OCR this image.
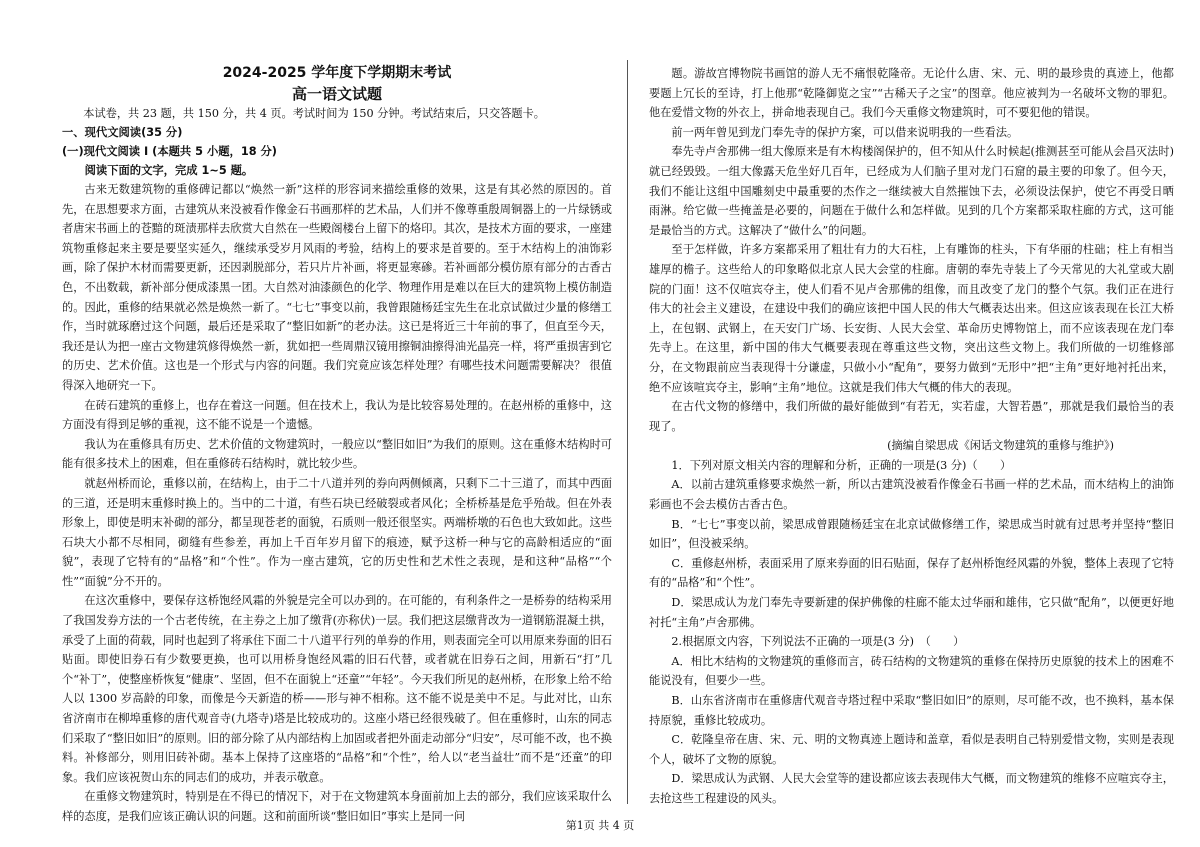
2024-2025 学年度下学期期末考试
高一语文试题
本试卷，共 23 题，共 150 分，共 4 页。考试时间为 150 分钟。考试结束后，只交答题卡。
一、现代文阅读(35 分)
(一)现代文阅读 I (本题共 5 小题，18 分)
阅读下面的文字，完成 1~5 题。

古来无数建筑物的重修碑记都以“焕然一新”这样的形容词来描绘重修的效果，这是有其必然的原因的。首先，在思想要求方面，古建筑从来没被看作像金石书画那样的艺术品，人们并不像尊重殷周铜器上的一片绿锈或者唐宋书画上的苍黯的斑渍那样去欣赏大自然在一些殿阁楼台上留下的烙印。其次，是技术方面的要求，一座建筑物重修起来主要是要坚实延久，继续承受岁月风雨的考验，结构上的要求是首要的。至于木结构上的油饰彩画，除了保护木材而需要更新，还因剥脱部分，若只片片补画，将更显寒碜。若补画部分模仿原有部分的古香古色，不出数载，新补部分便成漆黑一团。大自然对油漆颜色的化学、物理作用是难以在巨大的建筑物上模仿制造的。因此，重修的结果就必然是焕然一新了。“七七”事变以前，我曾跟随杨廷宝先生在北京试做过少量的修缮工作，当时就琢磨过这个问题，最后还是采取了“整旧如新”的老办法。这已是将近三十年前的事了，但直至今天，我还是认为把一座古文物建筑修得焕然一新，犹如把一些周鼎汉镜用擦铜油擦得油光晶亮一样，将严重损害到它的历史、艺术价值。这也是一个形式与内容的问题。我们究竟应该怎样处理？有哪些技术问题需要解决？ 很值得深入地研究一下。

在砖石建筑的重修上，也存在着这一问题。但在技术上，我认为是比较容易处理的。在赵州桥的重修中，这方面没有得到足够的重视，这不能不说是一个遗憾。

我认为在重修具有历史、艺术价值的文物建筑时，一般应以“整旧如旧”为我们的原则。这在重修木结构时可能有很多技术上的困难，但在重修砖石结构时，就比较少些。

就赵州桥而论，重修以前，在结构上，由于二十八道并列的券向两侧倾离，只剩下二十三道了，而其中西面的三道，还是明末重修时换上的。当中的二十道，有些石块已经破裂或者风化；全桥桥基是危乎殆哉。但在外表形象上，即使是明末补砌的部分，都呈现苍老的面貌，石质则一般还很坚实。两端桥墩的石色也大致如此。这些石块大小都不尽相同，砌缝有些参差，再加上千百年岁月留下的痕迹，赋予这桥一种与它的高龄相适应的“面貌”，表现了它特有的“品格”和“个性”。作为一座古建筑，它的历史性和艺术性之表现，是和这种“品格”“个性”“面貌”分不开的。

在这次重修中，要保存这桥饱经风霜的外貌是完全可以办到的。在可能的，有利条件之一是桥券的结构采用了我国发券方法的一个古老传统，在主券之上加了缴背(亦称伏)一层。我们把这层缴背改为一道钢筋混凝土拱，承受了上面的荷载，同时也起到了将承住下面二十八道平行列的单券的作用，则表面完全可以用原来券面的旧石贴面。即使旧券石有少数要更换，也可以用桥身饱经风霜的旧石代替，或者就在旧券石之间，用新石“打”几个“补丁”，使整座桥恢复“健康”、坚固，但不在面貌上“还童”“年轻”。今天我们所见的赵州桥，在形象上给不给人以 1300 岁高龄的印象，而像是今天新造的桥——形与神不相称。这不能不说是美中不足。与此对比，山东省济南市在柳埠重修的唐代观音寺(九塔寺)塔是比较成功的。这座小塔已经很残破了。但在重修时，山东的同志们采取了“整旧如旧”的原则。旧的部分除了从内部结构上加固或者把外面走动部分“归安”，尽可能不改，也不换料。补修部分，则用旧砖补砌。基本上保持了这座塔的“品格”和“个性”，给人以“老当益壮”而不是“还童”的印象。我们应该祝贺山东的同志们的成功，并表示敬意。

在重修文物建筑时，特别是在不得已的情况下，对于在文物建筑本身面前加上去的部分，我们应该采取什么样的态度，是我们应该正确认识的问题。这和前面所谈“整旧如旧”事实上是同一问

题。游故宫博物院书画馆的游人无不痛恨乾隆帝。无论什么唐、宋、元、明的最珍贵的真迹上，他都要题上冗长的至诗，打上他那“乾隆御览之宝”“古稀天子之宝”的图章。他应被判为一名破坏文物的罪犯。他在爱惜文物的外衣上，拼命地表现自己。我们今天重修文物建筑时，可不要犯他的错误。

前一两年曾见到龙门奉先寺的保护方案，可以借来说明我的一些看法。

奉先寺卢舍那佛一组大像原来是有木构楼阁保护的，但不知从什么时候起(推测甚至可能从会昌灭法时)就已经毁毁。一组大像露天危坐好几百年，已经成为人们脑子里对龙门石窟的最主要的印象了。但今天，我们不能让这组中国雕刻史中最重要的杰作之一继续被大自然摧蚀下去，必须设法保护，使它不再受日晒雨淋。给它做一些掩盖是必要的，问题在于做什么和怎样做。见到的几个方案都采取柱廊的方式，这可能是最恰当的方式。这解决了“做什么”的问题。

至于怎样做，许多方案都采用了粗壮有力的大石柱，上有雕饰的柱头，下有华丽的柱础；柱上有相当雄厚的檐子。这些给人的印象略似北京人民大会堂的柱廊。唐朝的奉先寺装上了今天常见的大礼堂或大剧院的门面！这不仅喧宾夺主，使人们看不见卢舍那佛的组像，而且改变了龙门的整个气氛。我们正在进行伟大的社会主义建设，在建设中我们的确应该把中国人民的伟大气概表达出来。但这应该表现在长江大桥上，在包钢、武钢上，在天安门广场、长安街、人民大会堂、革命历史博物馆上，而不应该表现在龙门奉先寺上。在这里，新中国的伟大气概要表现在尊重这些文物，突出这些文物上。我们所做的一切维修部分，在文物跟前应当表现得十分谦虚，只做小小“配角”，要努力做到“无形中”把“主角”更好地衬托出来，绝不应该喧宾夺主，影响“主角”地位。这就是我们伟大气概的伟大的表现。

在古代文物的修缮中，我们所做的最好能做到“有若无，实若虚，大智若愚”，那就是我们最恰当的表现了。

(摘编自梁思成《闲话文物建筑的重修与维护》)
1．下列对原文相关内容的理解和分析，正确的一项是(3 分)（　　）
A．以前古建筑重修要求焕然一新，所以古建筑没被看作像金石书画一样的艺术品，而木结构上的油饰彩画也不会去模仿古香古色。
B．“七七”事变以前，梁思成曾跟随杨廷宝在北京试做修缮工作，梁思成当时就有过思考并坚持“整旧如旧”，但没被采纳。
C．重修赵州桥，表面采用了原来券面的旧石贴面，保存了赵州桥饱经风霜的外貌，整体上表现了它特有的“品格”和“个性”。
D．梁思成认为龙门奉先寺要新建的保护佛像的柱廊不能太过华丽和雄伟，它只做“配角”，以便更好地衬托“主角”卢舍那佛。
2.根据原文内容，下列说法不正确的一项是(3 分)　（　　）
A．相比木结构的文物建筑的重修而言，砖石结构的文物建筑的重修在保持历史原貌的技术上的困难不能说没有，但要少一些。
B．山东省济南市在重修唐代观音寺塔过程中采取“整旧如旧”的原则，尽可能不改，也不换料，基本保持原貌，重修比较成功。
C．乾隆皇帝在唐、宋、元、明的文物真迹上题诗和盖章，看似是表明自己特别爱惜文物，实则是表现个人，破坏了文物的原貌。
D．梁思成认为武钢、人民大会堂等的建设都应该去表现伟大气概，而文物建筑的维修不应喧宾夺主，去抢这些工程建设的风头。
第1页 共 4 页
